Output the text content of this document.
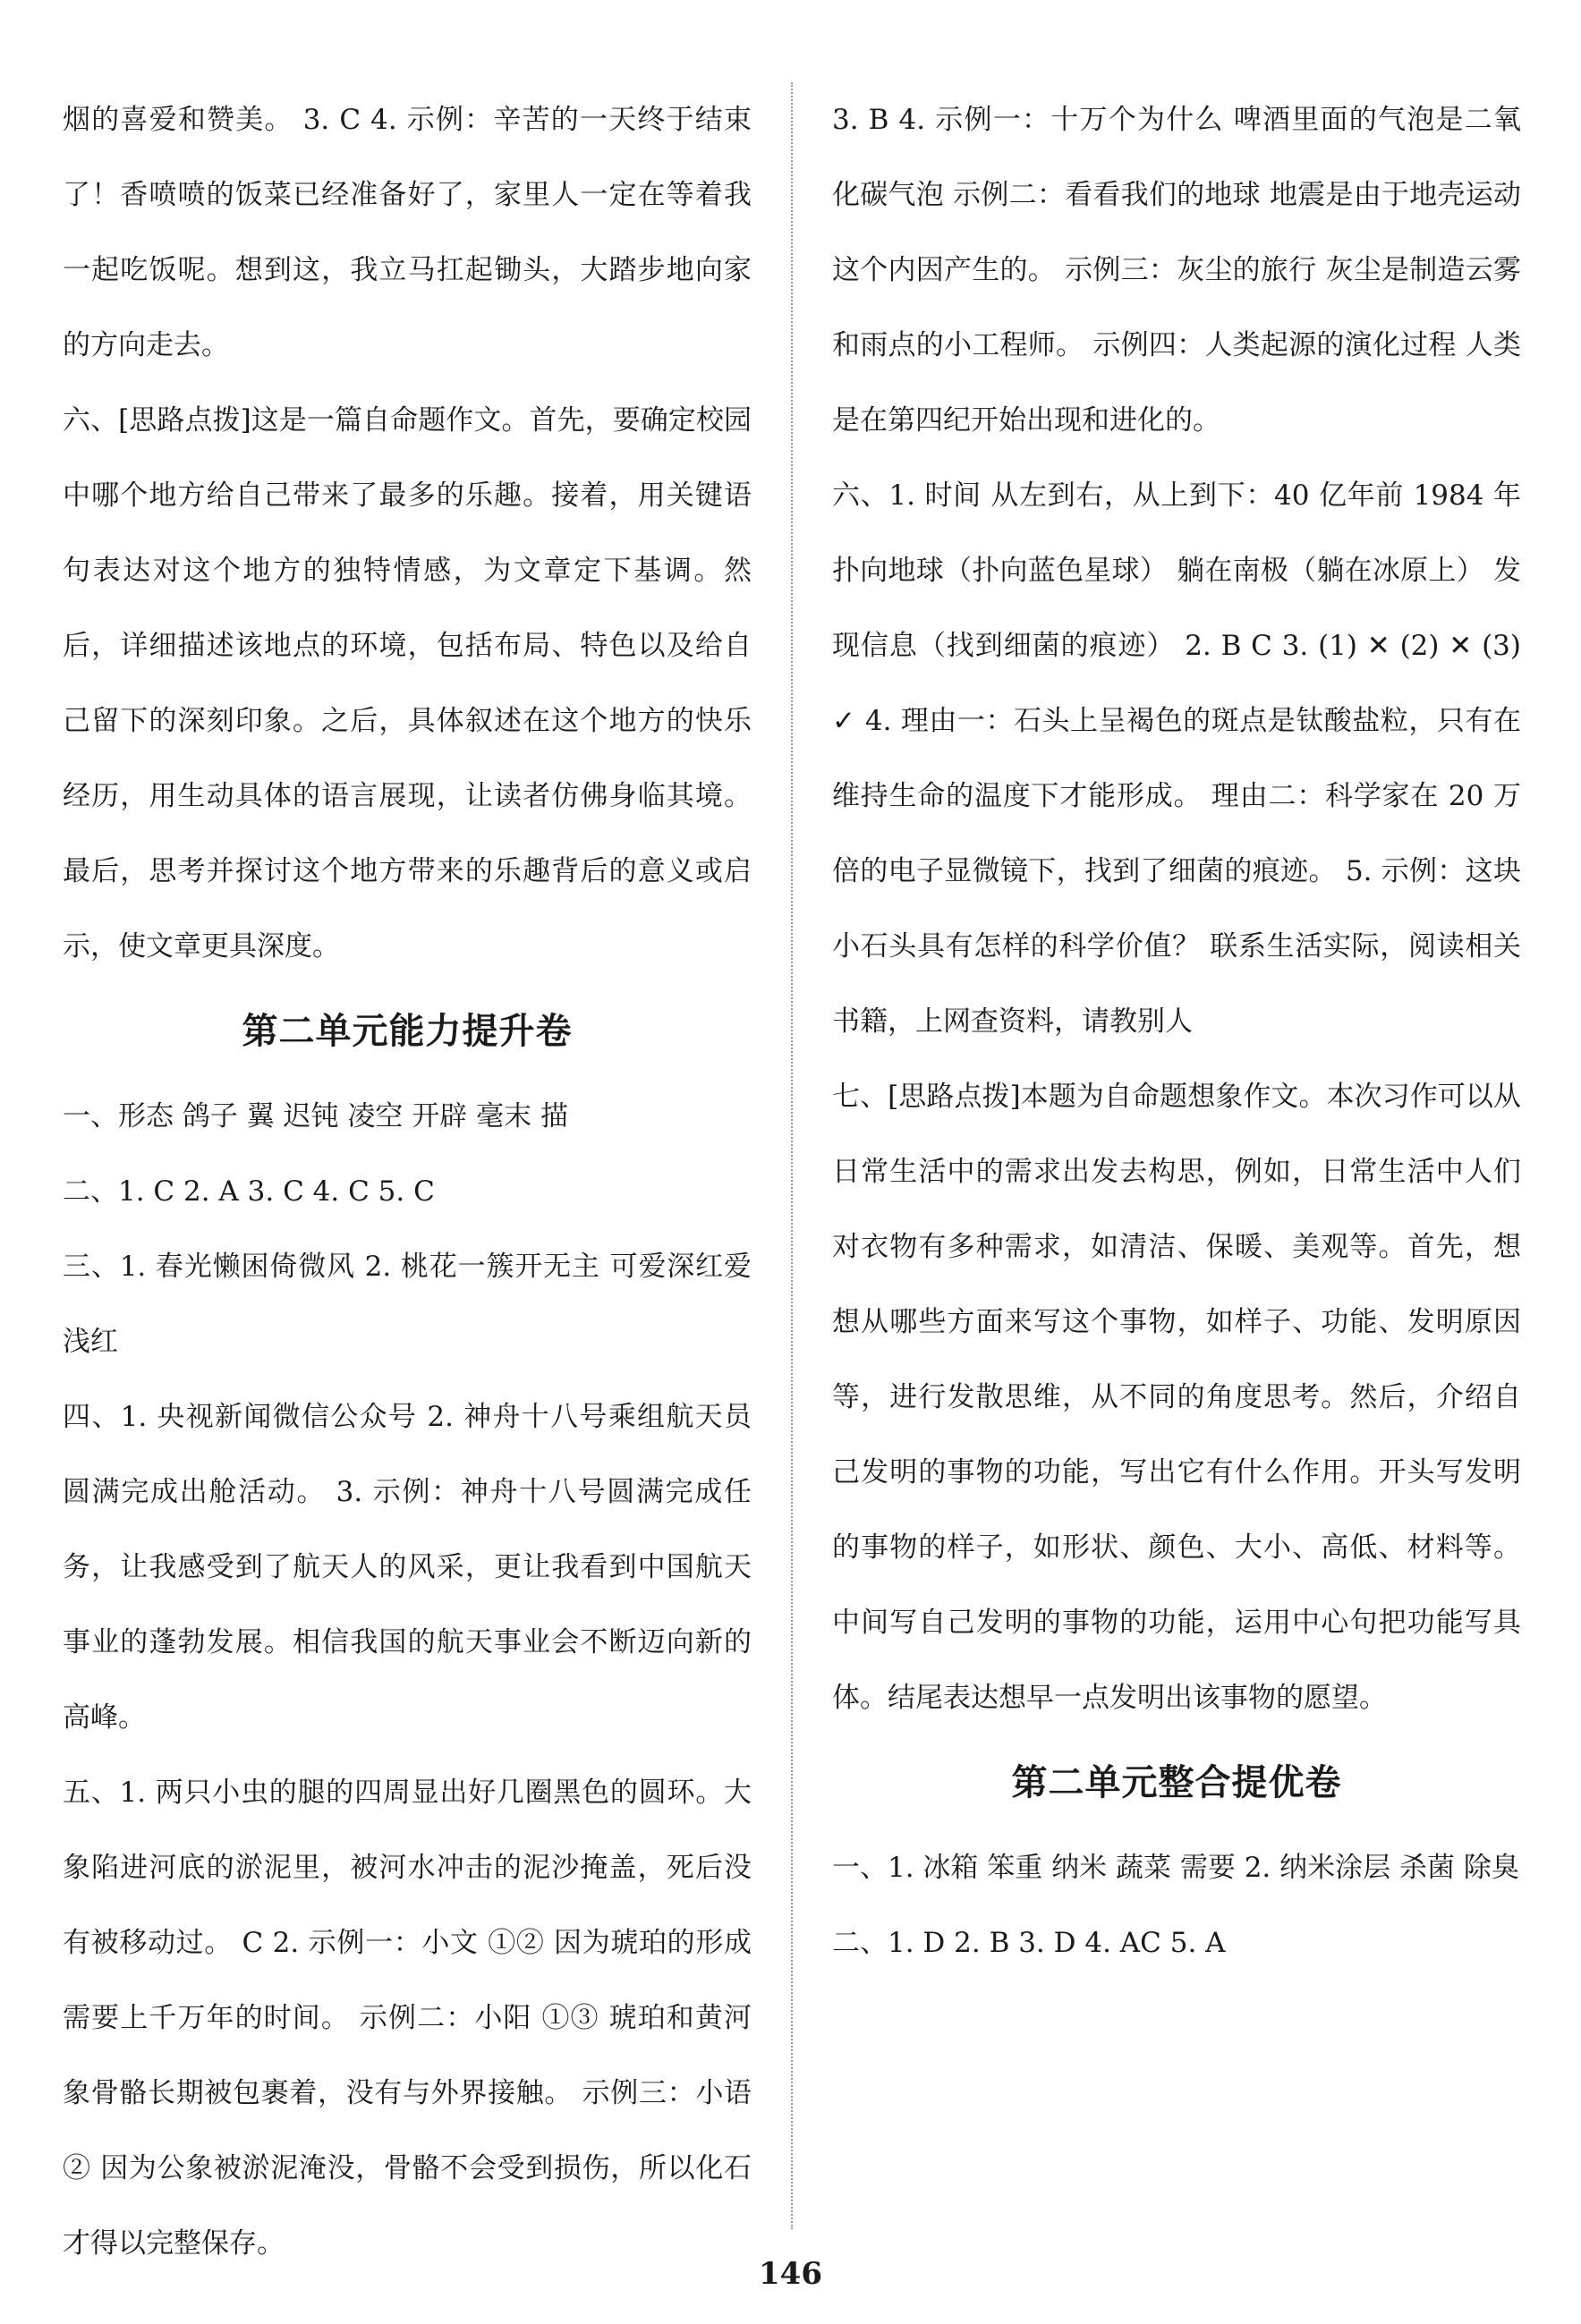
烟的喜爱和赞美。 3. C 4. 示例：辛苦的一天终于结束了！香喷喷的饭菜已经准备好了，家里人一定在等着我一起吃饭呢。想到这，我立马扛起锄头，大踏步地向家的方向走去。

六、[思路点拨]这是一篇自命题作文。首先，要确定校园中哪个地方给自己带来了最多的乐趣。接着，用关键语句表达对这个地方的独特情感，为文章定下基调。然后，详细描述该地点的环境，包括布局、特色以及给自己留下的深刻印象。之后，具体叙述在这个地方的快乐经历，用生动具体的语言展现，让读者仿佛身临其境。最后，思考并探讨这个地方带来的乐趣背后的意义或启示，使文章更具深度。

第二单元能力提升卷

一、形态 鸽子 翼 迟钝 凌空 开辟 毫末 描

二、1. C 2. A 3. C 4. C 5. C

三、1. 春光懒困倚微风 2. 桃花一簇开无主 可爱深红爱浅红

四、1. 央视新闻微信公众号 2. 神舟十八号乘组航天员圆满完成出舱活动。 3. 示例：神舟十八号圆满完成任务，让我感受到了航天人的风采，更让我看到中国航天事业的蓬勃发展。相信我国的航天事业会不断迈向新的高峰。

五、1. 两只小虫的腿的四周显出好几圈黑色的圆环。大象陷进河底的淤泥里，被河水冲击的泥沙掩盖，死后没有被移动过。 C 2. 示例一：小文 ①② 因为琥珀的形成需要上千万年的时间。 示例二：小阳 ①③ 琥珀和黄河象骨骼长期被包裹着，没有与外界接触。 示例三：小语 ② 因为公象被淤泥淹没，骨骼不会受到损伤，所以化石才得以完整保存。

3. B 4. 示例一：十万个为什么 啤酒里面的气泡是二氧化碳气泡 示例二：看看我们的地球 地震是由于地壳运动这个内因产生的。 示例三：灰尘的旅行 灰尘是制造云雾和雨点的小工程师。 示例四：人类起源的演化过程 人类是在第四纪开始出现和进化的。

六、1. 时间 从左到右，从上到下：40 亿年前 1984 年 扑向地球（扑向蓝色星球） 躺在南极（躺在冰原上） 发现信息（找到细菌的痕迹） 2. B C 3. (1) ✕ (2) ✕ (3) ✓ 4. 理由一：石头上呈褐色的斑点是钛酸盐粒，只有在维持生命的温度下才能形成。 理由二：科学家在 20 万倍的电子显微镜下，找到了细菌的痕迹。 5. 示例：这块小石头具有怎样的科学价值？ 联系生活实际，阅读相关书籍，上网查资料，请教别人

七、[思路点拨]本题为自命题想象作文。本次习作可以从日常生活中的需求出发去构思，例如，日常生活中人们对衣物有多种需求，如清洁、保暖、美观等。首先，想想从哪些方面来写这个事物，如样子、功能、发明原因等，进行发散思维，从不同的角度思考。然后，介绍自己发明的事物的功能，写出它有什么作用。开头写发明的事物的样子，如形状、颜色、大小、高低、材料等。中间写自己发明的事物的功能，运用中心句把功能写具体。结尾表达想早一点发明出该事物的愿望。

第二单元整合提优卷

一、1. 冰箱 笨重 纳米 蔬菜 需要 2. 纳米涂层 杀菌 除臭

二、1. D 2. B 3. D 4. AC 5. A

146
